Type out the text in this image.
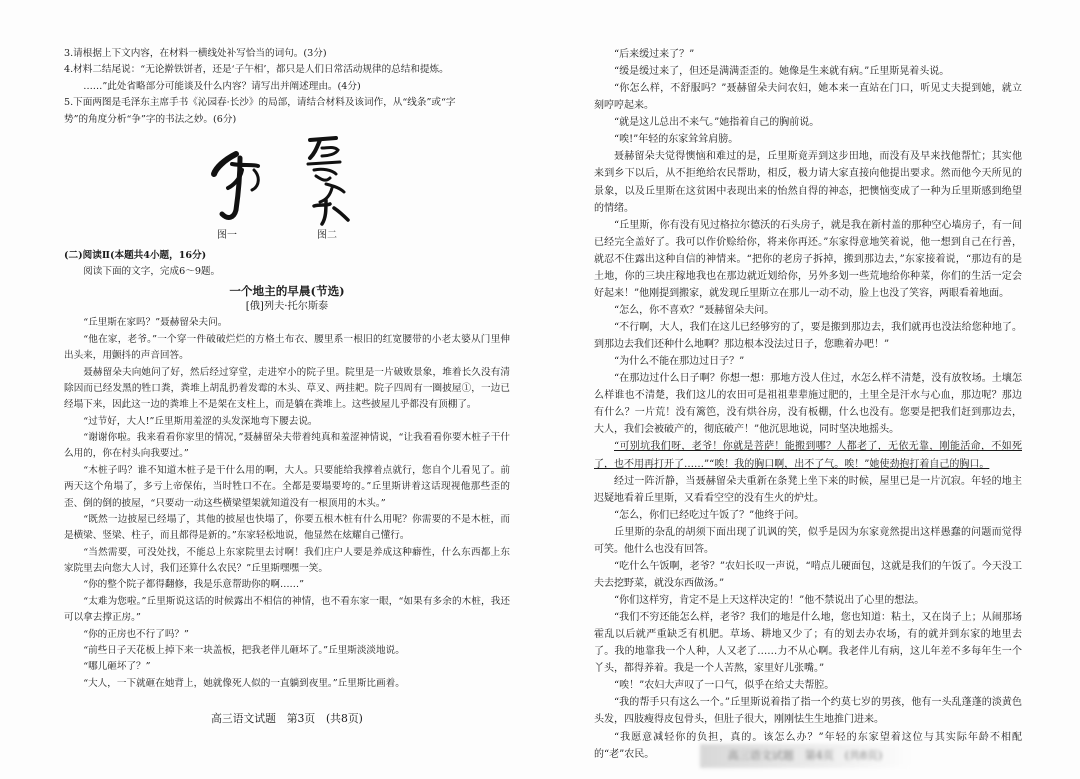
3.请根据上下文内容，在材料一横线处补写恰当的词句。(3分)

4.材料二结尾说：“无论擀铁饼者，还是‘子午相’，都只是人们日常活动规律的总结和提炼。

……”此处省略部分可能谈及什么内容？请写出并阐述理由。(4分)

5.下面两图是毛泽东主席手书《沁园春·长沙》的局部，请结合材料及该词作，从“线条”或“字

势”的角度分析“争”字的书法之妙。(6分)

图一	图二

(二)阅读Ⅱ(本题共4小题，16分)

阅读下面的文字，完成6～9题。

一个地主的早晨(节选)

[俄]列夫·托尔斯泰

“丘里斯在家吗？”聂赫留朵夫问。

“他在家，老爷。”一个穿一件破破烂烂的方格土布衣、腰里系一根旧的红宽腰带的小老太婆从门里伸出头来，用颤抖的声音回答。

聂赫留朵夫向她问了好，然后经过穿堂，走进窄小的院子里。院里是一片破败景象，堆着长久没有清除因而已经发黑的牲口粪，粪堆上胡乱扔着发霉的木头、草叉、两挂耙。院子四周有一圈披屋①，一边已经塌下来，因此这一边的粪堆上不是架在支柱上，而是躺在粪堆上。这些披屋儿乎都没有顶棚了。

“过节好，大人!”丘里斯用羞涩的头发深地弯下腰去说。

“谢谢你啦。我来看看你家里的情况，”聂赫留朵夫带着纯真和羞涩神情说，“让我看看你要木桩子干什么用的，你在村头向我要过。”

“木桩子吗？谁不知道木桩子是干什么用的啊，大人。只要能给我撑着点就行，您自个儿看见了。前两天这个角塌了，多亏上帝保佑，当时牲口不在。全都是要塌要垮的。”丘里斯讲着这话现视他那些歪的歪、倒的倒的披屋，“只要动一动这些横梁望架就知道没有一根顶用的木头。”

“既然一边披屋已经塌了，其他的披屋也快塌了，你要五根木桩有什么用呢？你需要的不是木桩，而是横梁、竖梁、柱子，而且都得是新的。”东家轻松地说，他显然在炫耀自己懂行。

“当然需要，可没处找，不能总上东家院里去讨啊！我们庄户人要是养成这种癖性，什么东西都上东家院里去向您大人讨，我们还算什么农民？”丘里斯嘿嘿一笑。

“你的整个院子都得翻修，我是乐意帮助你的啊……”

“太难为您啦。”丘里斯说这话的时候露出不相信的神情，也不看东家一眼，“如果有多余的木桩，我还可以拿去撑正房。”

“你的正房也不行了吗？”

“前些日子天花板上掉下来一块盖板，把我老伴儿砸坏了。”丘里斯淡淡地说。

“哪儿砸坏了？”

“大人，一下就砸在她背上，她就像死人似的一直躺到夜里。”丘里斯比画着。

“后来缓过来了？”

“缓是缓过来了，但还是满满歪歪的。她像是生来就有病。”丘里斯晃着头说。

“你怎么样，不舒服吗？”聂赫留朵夫问农妇，她本来一直站在门口，听见丈夫提到她，就立刻哼哼起来。

“就是这儿总出不来气。”她指着自己的胸前说。

“唉!”年轻的东家耸耸肩膀。

聂赫留朵夫觉得懊恼和难过的是，丘里斯竟弄到这步田地，而没有及早来找他帮忙；其实他来到乡下以后，从不拒绝给农民帮助，相反，极力请大家直接向他提出要求。然而他今天所见的景象，以及丘里斯在这贫困中表现出来的怡然自得的神态，把懊恼变成了一种为丘里斯感到绝望的情绪。

“丘里斯，你有没有见过格拉尔德沃的石头房子，就是我在新村盖的那种空心墙房子，有一间已经完全盖好了。我可以作价赊给你，将来你再还。”东家得意地笑着说，他一想到自己在行善，就忍不住露出这种自信的神情来。“把你的老房子拆掉，搬到那边去，”东家接着说，“那边有的是土地，你的三块庄稼地我也在那边就近划给你，另外多划一些荒地给你种菜，你们的生活一定会好起来！”他刚提到搬家，就发现丘里斯立在那儿一动不动，脸上也没了笑容，两眼看着地面。

“怎么，你不喜欢？”聂赫留朵夫问。

“不行啊，大人，我们在这儿已经够穷的了，要是搬到那边去，我们就再也没法给您种地了。到那边去我们还种什么地啊？那边根本没法过日子，您瞧着办吧！”

“为什么不能在那边过日子？”

“在那边过什么日子啊？你想一想：那地方没人住过，水怎么样不清楚，没有放牧场。土壤怎么样谁也不清楚，我们这儿的农田可是祖祖辈辈施过肥的，土里全是汗水与心血，那边呢？那边有什么？一片荒！没有篱笆，没有烘谷房，没有板棚，什么也没有。您要是把我们赶到那边去，大人，我们会被破产的，彻底破产！”他沉思地说，同时坚决地摇头。

“可别坑我们呀，老爷！你就是菩萨！能搬到哪？人都老了，无依无靠，刚能活命，不如死了，也不用再打开了……”“唉！我的胸口啊，出不了气。唉！”她使劲抱打着自己的胸口。

经过一阵沂静，当聂赫留朵夫重新在条凳上坐下来的时候，屋里已是一片沉寂。年轻的地主迟疑地看着丘里斯，又看看空空的没有生火的炉灶。

“怎么，你们已经吃过午饭了？”他终于问。

丘里斯的杂乱的胡须下面出现了讥讽的笑，似乎是因为东家竟然提出这样愚蠢的问题而觉得可笑。他什么也没有回答。

“吃什么午饭啊，老爷？”农妇长叹一声说，“啃点儿硬面包，这就是我们的午饭了。今天没工夫去挖野菜，就没东西做汤。”

“你们这样穷，肯定不是上天这样决定的！”他不禁说出了心里的想法。

“我们不穷还能怎么样，老爷？我们的地是什么地，您也知道：粘土，又在岗子上；从闹那场霍乱以后就严重缺乏有机肥。草场、耕地又少了；有的划去办农场，有的就并到东家的地里去了。我的地靠我一个人种，人又老了……力不从心啊。我老伴儿有病，这儿年差不多每年生一个丫头，都得养着。我是一个人苦熬，家里好儿张嘴。”

“唉！”农妇大声叹了一口气，似乎在给丈夫帮腔。

“我的帮手只有这么一个。”丘里斯说着指了指一个约莫七岁的男孩，他有一头乱蓬蓬的淡黄色头发，四肢瘦得皮包骨头，但肚子很大，刚刚怯生生地推门进来。

“我愿意减轻你的负担，真的。该怎么办？”年轻的东家望着这位与其实际年龄不相配的“老”农民。

高三语文试题　第3页　(共8页)
高三语文试题　第4页　(共8页)
